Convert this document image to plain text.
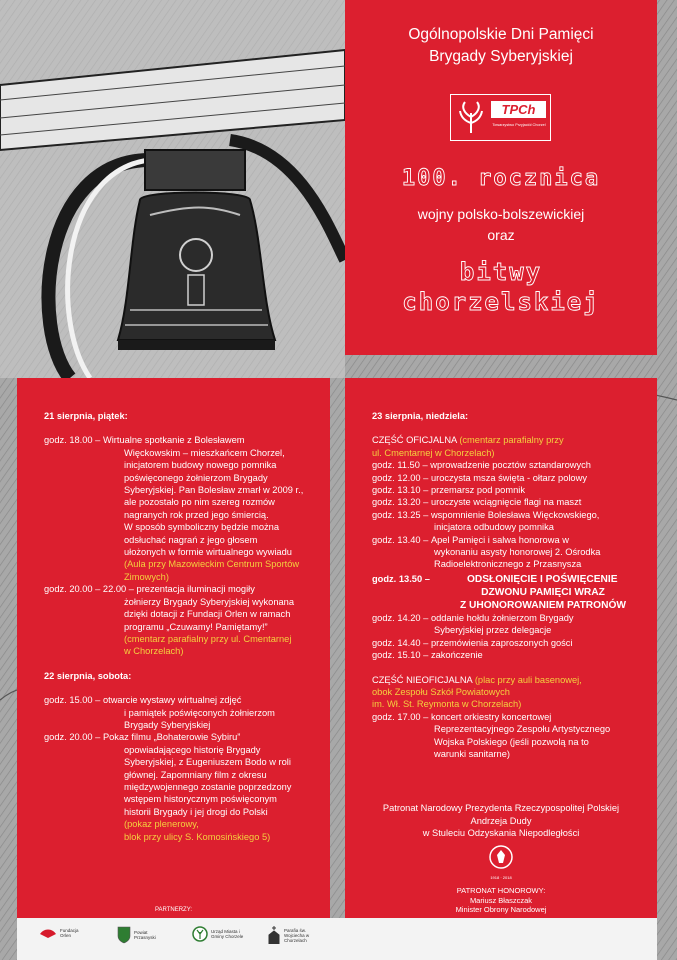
Ogólnopolskie Dni Pamięci
Brygady Syberyjskiej
TPCh
Towarzystwo Przyjaciół Chorzel
100. rocznica
wojny polsko-bolszewickiej
oraz
bitwy
chorzelskiej
21 sierpnia, piątek:
godz. 18.00 – Wirtualne spotkanie z Bolesławem
Więckowskim – mieszkańcem Chorzel,
inicjatorem budowy nowego pomnika
poświęconego żołnierzom Brygady
Syberyjskiej. Pan Bolesław zmarł w 2009 r.,
ale pozostało po nim szereg rozmów
nagranych rok przed jego śmiercią.
W sposób symboliczny będzie można
odsłuchać nagrań z jego głosem
ułożonych w formie wirtualnego wywiadu
(Aula przy Mazowieckim Centrum Sportów
Zimowych)
godz. 20.00 – 22.00 – prezentacja iluminacji mogiły
żołnierzy Brygady Syberyjskiej wykonana
dzięki dotacji z Fundacji Orlen w ramach
programu „Czuwamy! Pamiętamy!”
(cmentarz parafialny przy ul. Cmentarnej
w Chorzelach)
22 sierpnia, sobota:
godz. 15.00 – otwarcie wystawy wirtualnej zdjęć
i pamiątek poświęconych żołnierzom
Brygady Syberyjskiej
godz. 20.00 – Pokaz filmu „Bohaterowie Sybiru”
opowiadającego historię Brygady
Syberyjskiej, z Eugeniuszem Bodo w roli
głównej. Zapomniany film z okresu
międzywojennego zostanie poprzedzony
wstępem historycznym poświęconym
historii Brygady i jej drogi do Polski
(pokaz plenerowy,
blok przy ulicy S. Komosińskiego 5)
PARTNERZY:
23 sierpnia, niedziela:
CZĘŚĆ OFICJALNA (cmentarz parafialny przy
ul. Cmentarnej w Chorzelach)
godz. 11.50 – wprowadzenie pocztów sztandarowych
godz. 12.00 – uroczysta msza święta - ołtarz polowy
godz. 13.10 – przemarsz pod pomnik
godz. 13.20 – uroczyste wciągnięcie flagi na maszt
godz. 13.25 – wspomnienie Bolesława Więckowskiego,
inicjatora odbudowy pomnika
godz. 13.40 – Apel Pamięci i salwa honorowa w
wykonaniu asysty honorowej 2. Ośrodka
Radioelektronicznego z Przasnysza
godz. 13.50 –	ODSŁONIĘCIE I POŚWIĘCENIE
DZWONU PAMIĘCI WRAZ
Z UHONOROWANIEM PATRONÓW
godz. 14.20 – oddanie hołdu żołnierzom Brygady
Syberyjskiej przez delegacje
godz. 14.40 – przemówienia zaproszonych gości
godz. 15.10 – zakończenie
CZĘŚĆ NIEOFICJALNA (plac przy auli basenowej,
obok Zespołu Szkół Powiatowych
im. Wł. St. Reymonta w Chorzelach)
godz. 17.00 – koncert orkiestry koncertowej
Reprezentacyjnego Zespołu Artystycznego
Wojska Polskiego (jeśli pozwolą na to
warunki sanitarne)
Patronat Narodowy Prezydenta Rzeczypospolitej Polskiej
Andrzeja Dudy
w Stuleciu Odzyskania Niepodległości
1918 · 2018
PATRONAT HONOROWY:
Mariusz Błaszczak
Minister Obrony Narodowej
Fundacja Orlen
Powiat Przasnyski
Urząd Miasta i Gminy Chorzele
Parafia św. Wojciecha w Chorzelach
